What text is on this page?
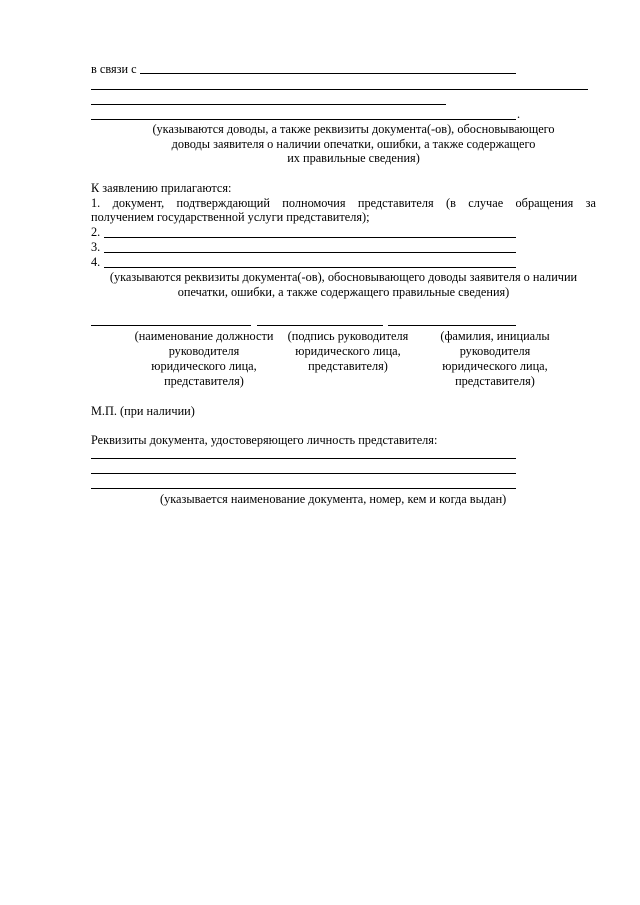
в связи с
.
(указываются доводы, а также реквизиты документа(-ов), обосновывающего
доводы заявителя о наличии опечатки, ошибки, а также содержащего
их правильные сведения)
К заявлению прилагаются:
1. документ, подтверждающий полномочия представителя (в случае обращения за
получением государственной услуги представителя);
2.
3.
4.
(указываются реквизиты документа(-ов), обосновывающего доводы заявителя о наличии
опечатки, ошибки, а также содержащего правильные сведения)
(наименование должности
руководителя
юридического лица,
представителя)
(подпись руководителя
юридического лица,
представителя)
(фамилия, инициалы
руководителя
юридического лица,
представителя)
М.П. (при наличии)
Реквизиты документа, удостоверяющего личность представителя:
(указывается наименование документа, номер, кем и когда выдан)
